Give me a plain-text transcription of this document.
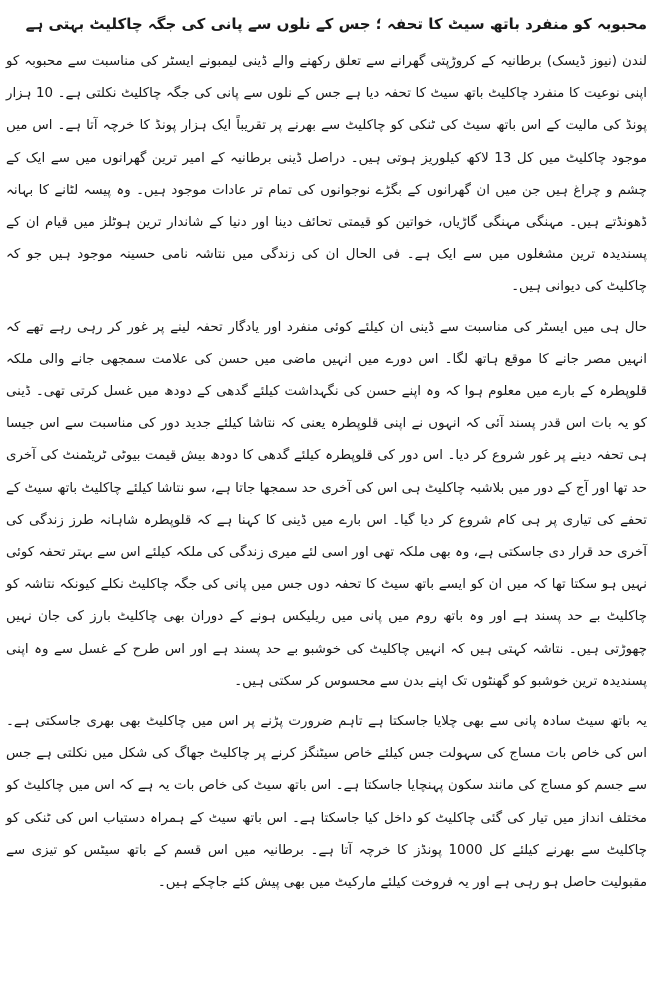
محبوبہ کو منفرد باتھ سیٹ کا تحفہ ؛ جس کے نلوں سے پانی کی جگہ چاکلیٹ بہتی ہے

لندن (نیوز ڈیسک) برطانیہ کے کروڑپتی گھرانے سے تعلق رکھنے والے ڈینی لیمبونے ایسٹر کی مناسبت سے محبوبہ کو اپنی نوعیت کا منفرد چاکلیٹ باتھ سیٹ کا تحفہ دیا ہے جس کے نلوں سے پانی کی جگہ چاکلیٹ نکلتی ہے۔ 10 ہزار پونڈ کی مالیت کے اس باتھ سیٹ کی ٹنکی کو چاکلیٹ سے بھرنے پر تقریباً ایک ہزار پونڈ کا خرچہ آتا ہے۔ اس میں موجود چاکلیٹ میں کل 13 لاکھ کیلوریز ہوتی ہیں۔ دراصل ڈینی برطانیہ کے امیر ترین گھرانوں میں سے ایک کے چشم و چراغ ہیں جن میں ان گھرانوں کے بگڑے نوجوانوں کی تمام تر عادات موجود ہیں۔ وہ پیسہ لٹانے کا بہانہ ڈھونڈتے ہیں۔ مہنگی مہنگی گاڑیاں، خواتین کو قیمتی تحائف دینا اور دنیا کے شاندار ترین ہوٹلز میں قیام ان کے پسندیدہ ترین مشغلوں میں سے ایک ہے۔ فی الحال ان کی زندگی میں نتاشہ نامی حسینہ موجود ہیں جو کہ چاکلیٹ کی دیوانی ہیں۔

حال ہی میں ایسٹر کی مناسبت سے ڈینی ان کیلئے کوئی منفرد اور یادگار تحفہ لینے پر غور کر رہی رہے تھے کہ انہیں مصر جانے کا موقع ہاتھ لگا۔ اس دورے میں انہیں ماضی میں حسن کی علامت سمجھی جانے والی ملکہ قلوپطرہ کے بارے میں معلوم ہوا کہ وہ اپنے حسن کی نگہداشت کیلئے گدھی کے دودھ میں غسل کرتی تھی۔ ڈینی کو یہ بات اس قدر پسند آئی کہ انہوں نے اپنی قلوپطرہ یعنی کہ نتاشا کیلئے جدید دور کی مناسبت سے اس جیسا ہی تحفہ دینے پر غور شروع کر دیا۔ اس دور کی قلوپطرہ کیلئے گدھی کا دودھ بیش قیمت بیوٹی ٹریٹمنٹ کی آخری حد تھا اور آج کے دور میں بلاشبہ چاکلیٹ ہی اس کی آخری حد سمجھا جاتا ہے، سو نتاشا کیلئے چاکلیٹ باتھ سیٹ کے تحفے کی تیاری پر ہی کام شروع کر دیا گیا۔ اس بارے میں ڈینی کا کہنا ہے کہ قلوپطرہ شاہانہ طرز زندگی کی آخری حد قرار دی جاسکتی ہے، وہ بھی ملکہ تھی اور اسی لئے میری زندگی کی ملکہ کیلئے اس سے بہتر تحفہ کوئی نہیں ہو سکتا تھا کہ میں ان کو ایسے باتھ سیٹ کا تحفہ دوں جس میں پانی کی جگہ چاکلیٹ نکلے کیونکہ نتاشہ کو چاکلیٹ بے حد پسند ہے اور وہ باتھ روم میں پانی میں ریلیکس ہونے کے دوران بھی چاکلیٹ بارز کی جان نہیں چھوڑتی ہیں۔ نتاشہ کہتی ہیں کہ انہیں چاکلیٹ کی خوشبو بے حد پسند ہے اور اس طرح کے غسل سے وہ اپنی پسندیدہ ترین خوشبو کو گھنٹوں تک اپنے بدن سے محسوس کر سکتی ہیں۔

یہ باتھ سیٹ سادہ پانی سے بھی چلایا جاسکتا ہے تاہم ضرورت پڑنے پر اس میں چاکلیٹ بھی بھری جاسکتی ہے۔ اس کی خاص بات مساج کی سہولت جس کیلئے خاص سیٹنگز کرنے پر چاکلیٹ جھاگ کی شکل میں نکلتی ہے جس سے جسم کو مساج کی مانند سکون پہنچایا جاسکتا ہے۔ اس باتھ سیٹ کی خاص بات یہ ہے کہ اس میں چاکلیٹ کو مختلف انداز میں تیار کی گئی چاکلیٹ کو داخل کیا جاسکتا ہے۔ اس باتھ سیٹ کے ہمراہ دستیاب اس کی ٹنکی کو چاکلیٹ سے بھرنے کیلئے کل 1000 پونڈز کا خرچہ آتا ہے۔ برطانیہ میں اس قسم کے باتھ سیٹس کو تیزی سے مقبولیت حاصل ہو رہی ہے اور یہ فروخت کیلئے مارکیٹ میں بھی پیش کئے جاچکے ہیں۔
